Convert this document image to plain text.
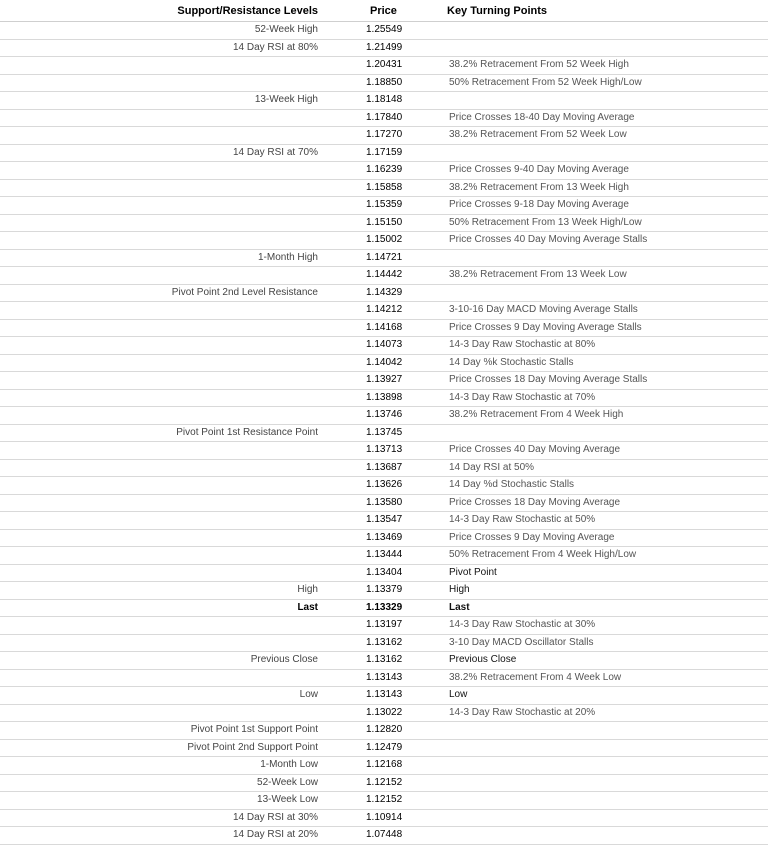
Support/Resistance Levels	Price	Key Turning Points
52-Week High	1.25549	
14 Day RSI at 80%	1.21499	
	1.20431	38.2% Retracement From 52 Week High
	1.18850	50% Retracement From 52 Week High/Low
13-Week High	1.18148	
	1.17840	Price Crosses 18-40 Day Moving Average
	1.17270	38.2% Retracement From 52 Week Low
14 Day RSI at 70%	1.17159	
	1.16239	Price Crosses 9-40 Day Moving Average
	1.15858	38.2% Retracement From 13 Week High
	1.15359	Price Crosses 9-18 Day Moving Average
	1.15150	50% Retracement From 13 Week High/Low
	1.15002	Price Crosses 40 Day Moving Average Stalls
1-Month High	1.14721	
	1.14442	38.2% Retracement From 13 Week Low
Pivot Point 2nd Level Resistance	1.14329	
	1.14212	3-10-16 Day MACD Moving Average Stalls
	1.14168	Price Crosses 9 Day Moving Average Stalls
	1.14073	14-3 Day Raw Stochastic at 80%
	1.14042	14 Day %k Stochastic Stalls
	1.13927	Price Crosses 18 Day Moving Average Stalls
	1.13898	14-3 Day Raw Stochastic at 70%
	1.13746	38.2% Retracement From 4 Week High
Pivot Point 1st Resistance Point	1.13745	
	1.13713	Price Crosses 40 Day Moving Average
	1.13687	14 Day RSI at 50%
	1.13626	14 Day %d Stochastic Stalls
	1.13580	Price Crosses 18 Day Moving Average
	1.13547	14-3 Day Raw Stochastic at 50%
	1.13469	Price Crosses 9 Day Moving Average
	1.13444	50% Retracement From 4 Week High/Low
	1.13404	Pivot Point
High	1.13379	High
Last	1.13329	Last
	1.13197	14-3 Day Raw Stochastic at 30%
	1.13162	3-10 Day MACD Oscillator Stalls
Previous Close	1.13162	Previous Close
	1.13143	38.2% Retracement From 4 Week Low
Low	1.13143	Low
	1.13022	14-3 Day Raw Stochastic at 20%
Pivot Point 1st Support Point	1.12820	
Pivot Point 2nd Support Point	1.12479	
1-Month Low	1.12168	
52-Week Low	1.12152	
13-Week Low	1.12152	
14 Day RSI at 30%	1.10914	
14 Day RSI at 20%	1.07448	
